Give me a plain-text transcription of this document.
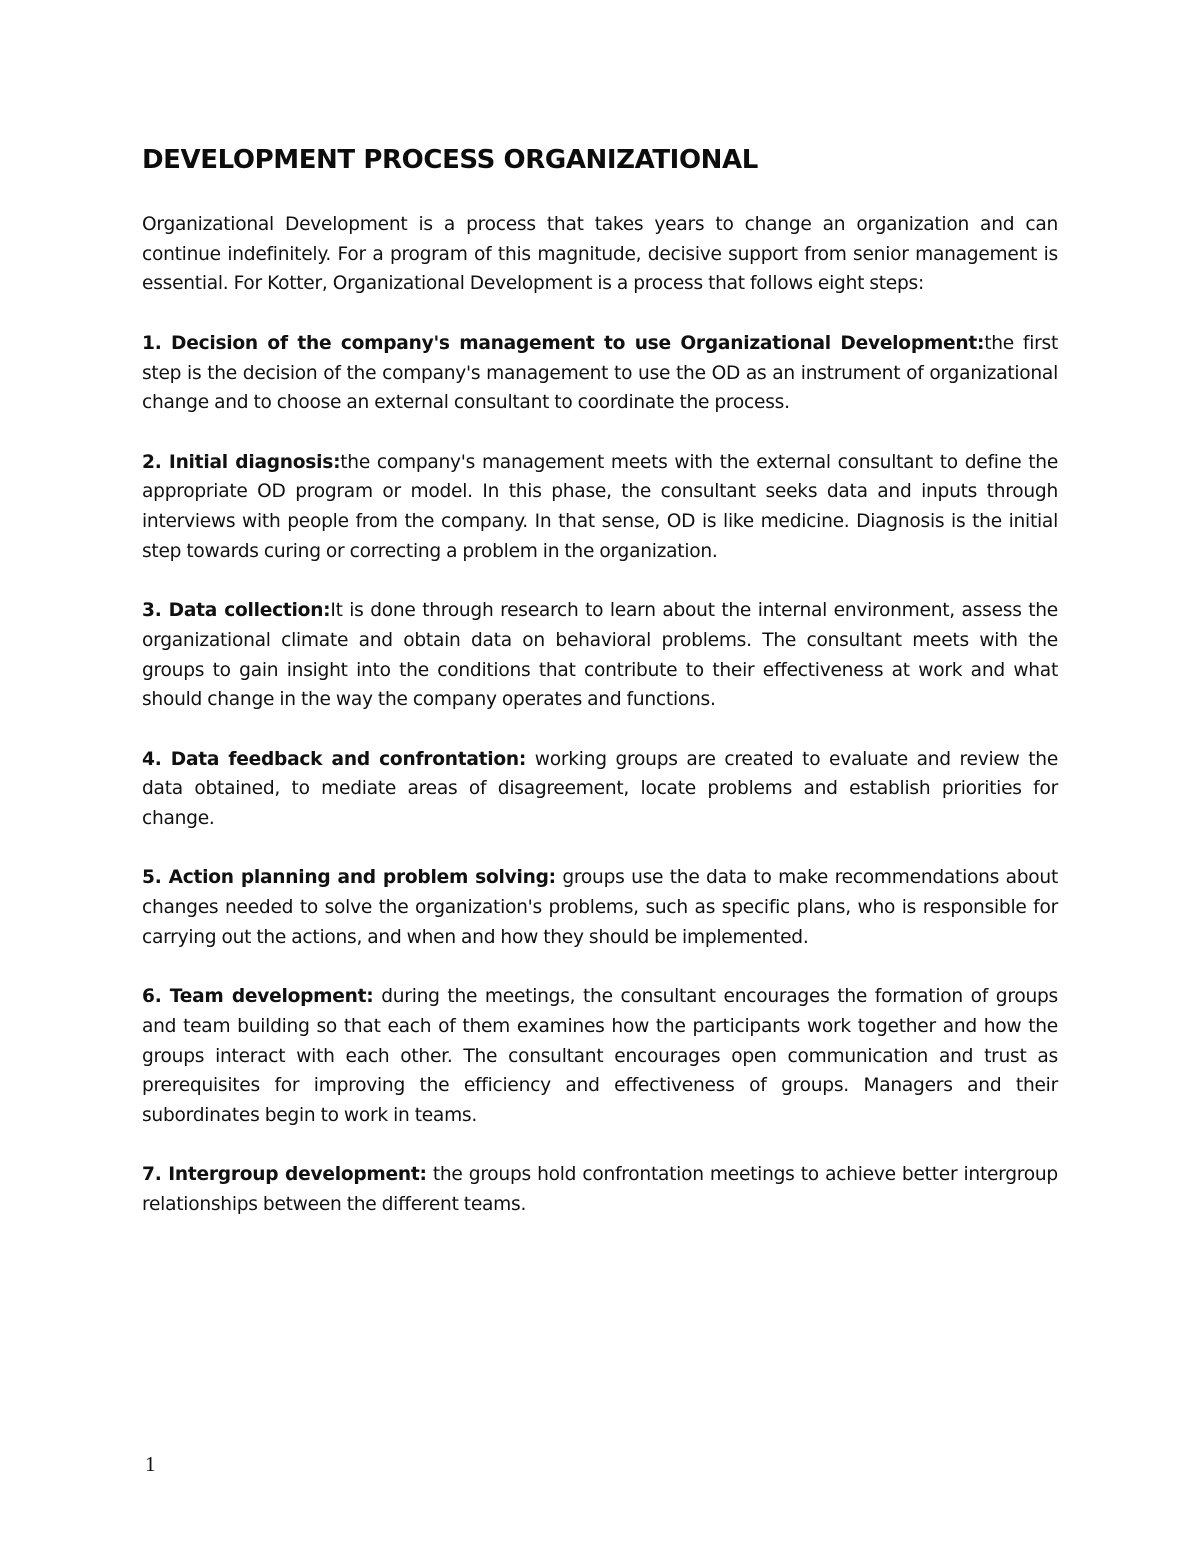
DEVELOPMENT PROCESS ORGANIZATIONAL

Organizational Development is a process that takes years to change an organization and can continue indefinitely. For a program of this magnitude, decisive support from senior management is essential. For Kotter, Organizational Development is a process that follows eight steps:

1. Decision of the company's management to use Organizational Development:the first step is the decision of the company's management to use the OD as an instrument of organizational change and to choose an external consultant to coordinate the process.

2. Initial diagnosis:the company's management meets with the external consultant to define the appropriate OD program or model. In this phase, the consultant seeks data and inputs through interviews with people from the company. In that sense, OD is like medicine. Diagnosis is the initial step towards curing or correcting a problem in the organization.

3. Data collection:It is done through research to learn about the internal environment, assess the organizational climate and obtain data on behavioral problems. The consultant meets with the groups to gain insight into the conditions that contribute to their effectiveness at work and what should change in the way the company operates and functions.

4. Data feedback and confrontation: working groups are created to evaluate and review the data obtained, to mediate areas of disagreement, locate problems and establish priorities for change.

5. Action planning and problem solving: groups use the data to make recommendations about changes needed to solve the organization's problems, such as specific plans, who is responsible for carrying out the actions, and when and how they should be implemented.

6. Team development: during the meetings, the consultant encourages the formation of groups and team building so that each of them examines how the participants work together and how the groups interact with each other. The consultant encourages open communication and trust as prerequisites for improving the efficiency and effectiveness of groups. Managers and their subordinates begin to work in teams.

7. Intergroup development: the groups hold confrontation meetings to achieve better intergroup relationships between the different teams.

1
